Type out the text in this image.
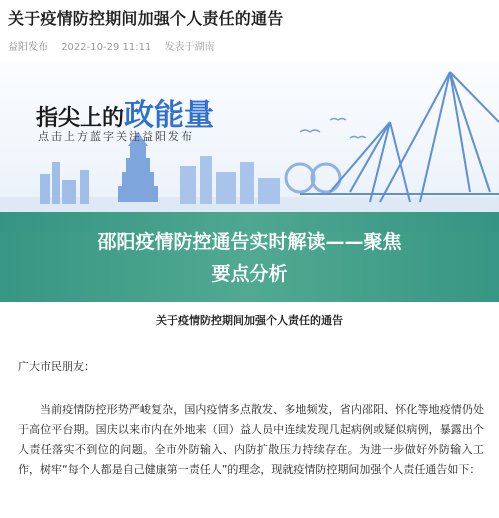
关于疫情防控期间加强个人责任的通告
益阳发布 2022-10-29 11:11 发表于湖南
指尖上的政能量
点击上方蓝字关注益阳发布
邵阳疫情防控通告实时解读——聚焦
要点分析
关于疫情防控期间加强个人责任的通告
广大市民朋友：
当前疫情防控形势严峻复杂，国内疫情多点散发、多地频发，省内邵阳、怀化等地疫情仍处于高位平台期。国庆以来市内在外地来（回）益人员中连续发现几起病例或疑似病例，暴露出个人责任落实不到位的问题。全市外防输入、内防扩散压力持续存在。为进一步做好外防输入工作，树牢“每个人都是自己健康第一责任人”的理念，现就疫情防控期间加强个人责任通告如下：
